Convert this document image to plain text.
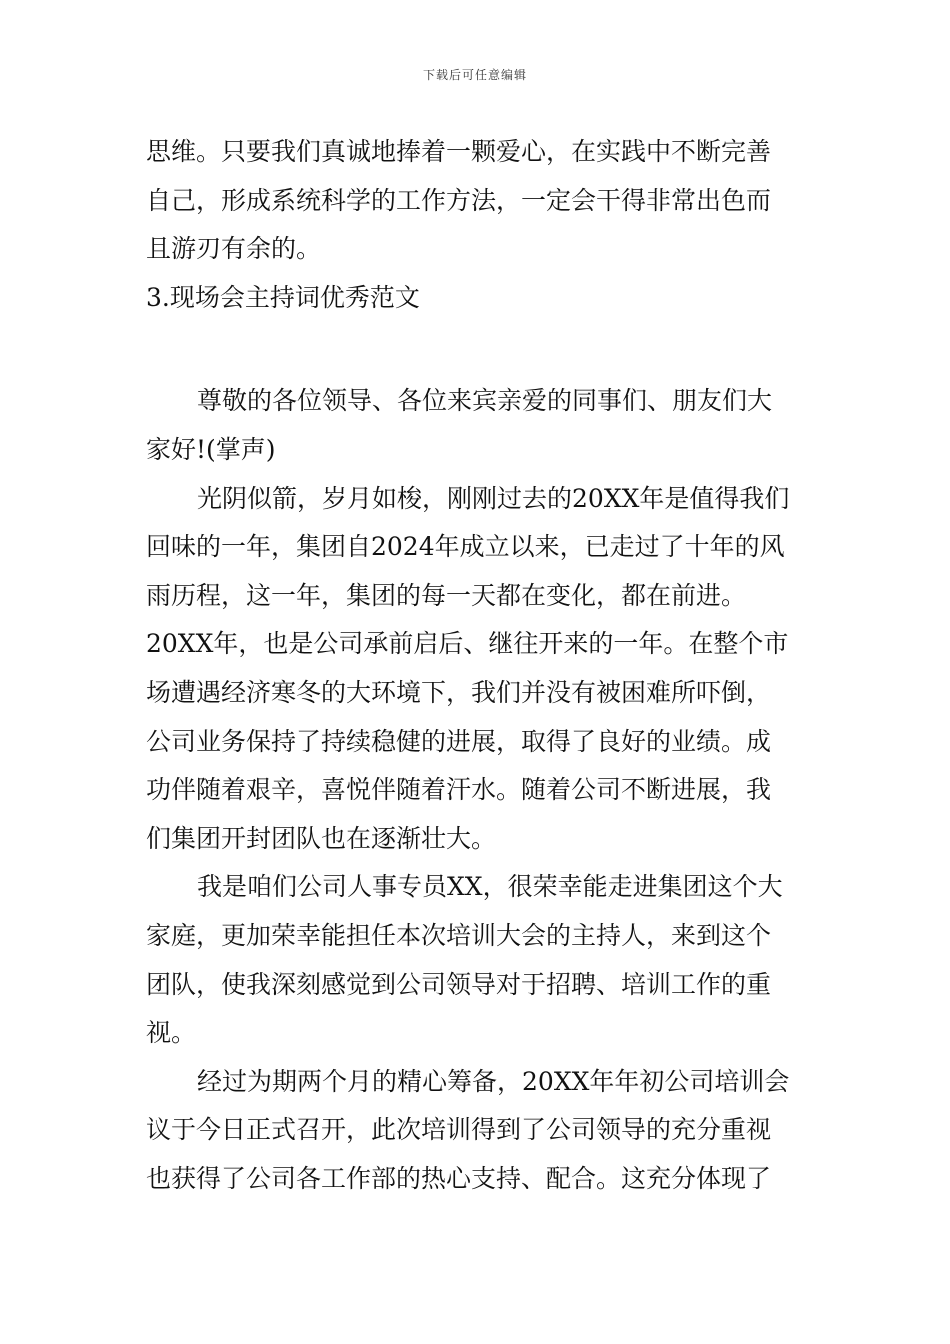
下载后可任意编辑
思维。只要我们真诚地捧着一颗爱心，在实践中不断完善
自己，形成系统科学的工作方法，一定会干得非常出色而
且游刃有余的。
3.现场会主持词优秀范文
尊敬的各位领导、各位来宾亲爱的同事们、朋友们大
家好!(掌声)
光阴似箭，岁月如梭，刚刚过去的20XX年是值得我们
回味的一年，集团自2024年成立以来，已走过了十年的风
雨历程，这一年，集团的每一天都在变化，都在前进。
20XX年，也是公司承前启后、继往开来的一年。在整个市
场遭遇经济寒冬的大环境下，我们并没有被困难所吓倒，
公司业务保持了持续稳健的进展，取得了良好的业绩。成
功伴随着艰辛，喜悦伴随着汗水。随着公司不断进展，我
们集团开封团队也在逐渐壮大。
我是咱们公司人事专员XX，很荣幸能走进集团这个大
家庭，更加荣幸能担任本次培训大会的主持人，来到这个
团队，使我深刻感觉到公司领导对于招聘、培训工作的重
视。
经过为期两个月的精心筹备，20XX年年初公司培训会
议于今日正式召开，此次培训得到了公司领导的充分重视
也获得了公司各工作部的热心支持、配合。这充分体现了
